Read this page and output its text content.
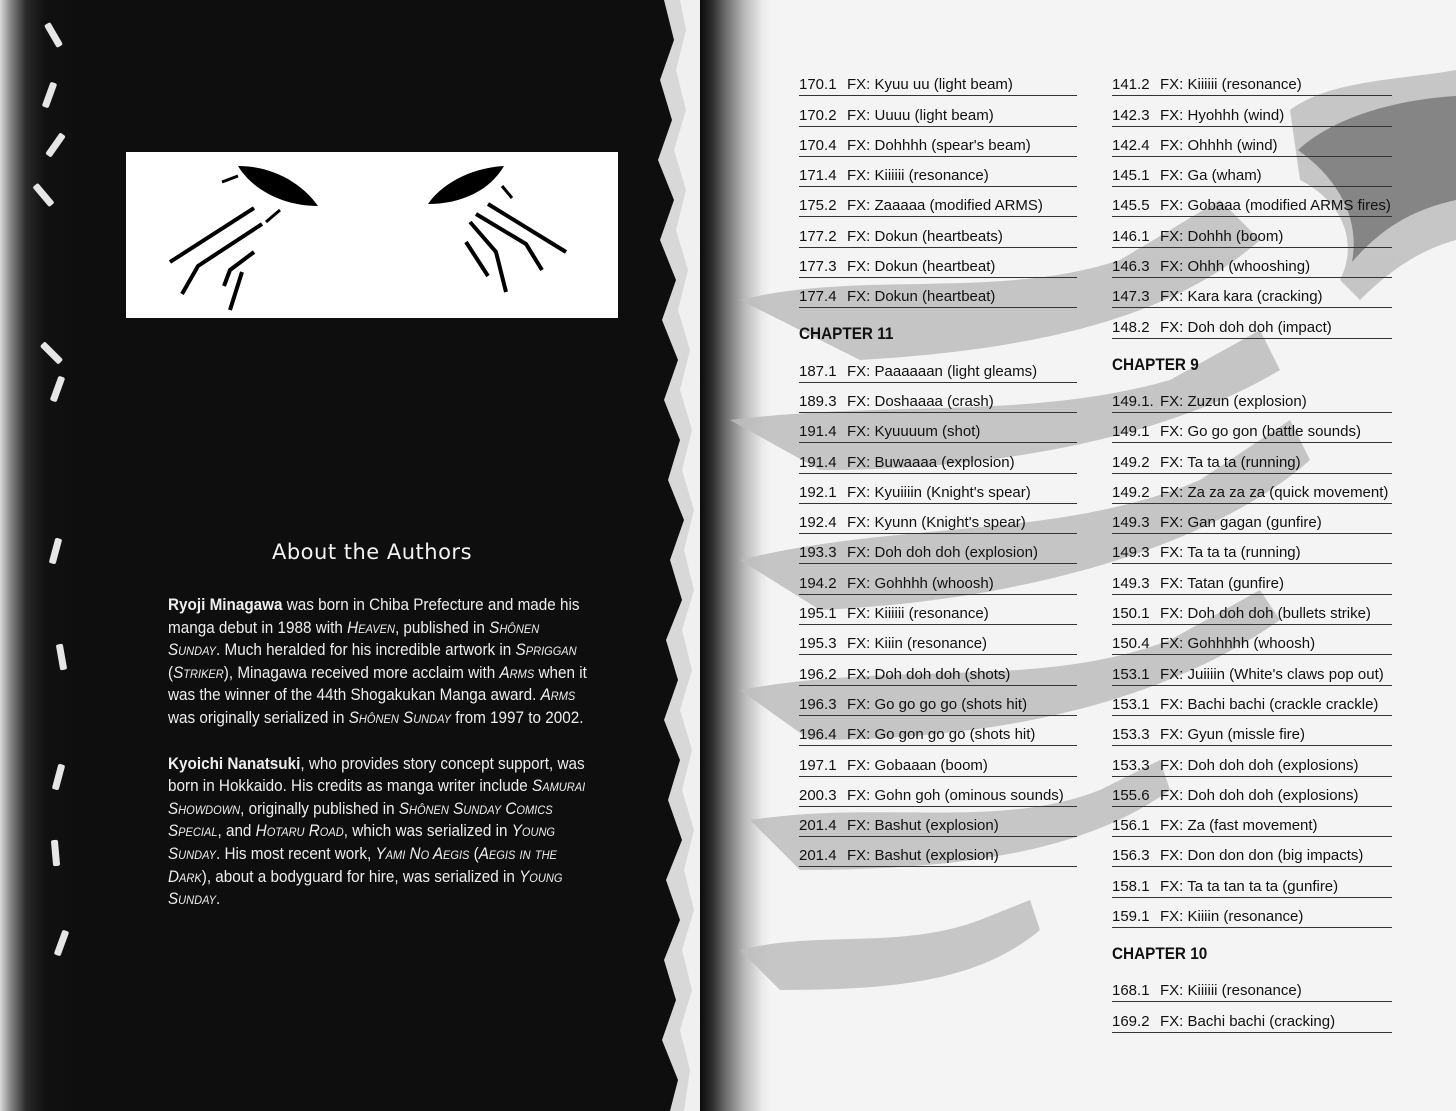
About the Authors

Ryoji Minagawa was born in Chiba Prefecture and made his manga debut in 1988 with Heaven, published in Shônen Sunday. Much heralded for his incredible artwork in Spriggan (Striker), Minagawa received more acclaim with Arms when it was the winner of the 44th Shogakukan Manga award. Arms was originally serialized in Shônen Sunday from 1997 to 2002.

Kyoichi Nanatsuki, who provides story concept support, was born in Hokkaido. His credits as manga writer include Samurai Showdown, originally published in Shônen Sunday Comics Special, and Hotaru Road, which was serialized in Young Sunday. His most recent work, Yami No Aegis (Aegis in the Dark), about a bodyguard for hire, was serialized in Young Sunday.

170.1 FX: Kyuu uu (light beam)
170.2 FX: Uuuu (light beam)
170.4 FX: Dohhhh (spear's beam)
171.4 FX: Kiiiiii (resonance)
175.2 FX: Zaaaaa (modified ARMS)
177.2 FX: Dokun (heartbeats)
177.3 FX: Dokun (heartbeat)
177.4 FX: Dokun (heartbeat)
CHAPTER 11
187.1 FX: Paaaaaan (light gleams)
189.3 FX: Doshaaaa (crash)
191.4 FX: Kyuuuum (shot)
191.4 FX: Buwaaaa (explosion)
192.1 FX: Kyuiiiin (Knight's spear)
192.4 FX: Kyunn (Knight's spear)
193.3 FX: Doh doh doh (explosion)
194.2 FX: Gohhhh (whoosh)
195.1 FX: Kiiiiii (resonance)
195.3 FX: Kiiin (resonance)
196.2 FX: Doh doh doh (shots)
196.3 FX: Go go go go (shots hit)
196.4 FX: Go gon go go (shots hit)
197.1 FX: Gobaaan (boom)
200.3 FX: Gohn goh (ominous sounds)
201.4 FX: Bashut (explosion)
201.4 FX: Bashut (explosion)
141.2 FX: Kiiiiii (resonance)
142.3 FX: Hyohhh (wind)
142.4 FX: Ohhhh (wind)
145.1 FX: Ga (wham)
145.5 FX: Gobaaa (modified ARMS fires)
146.1 FX: Dohhh (boom)
146.3 FX: Ohhh (whooshing)
147.3 FX: Kara kara (cracking)
148.2 FX: Doh doh doh (impact)
CHAPTER 9
149.1. FX: Zuzun (explosion)
149.1 FX: Go go gon (battle sounds)
149.2 FX: Ta ta ta (running)
149.2 FX: Za za za za (quick movement)
149.3 FX: Gan gagan (gunfire)
149.3 FX: Ta ta ta (running)
149.3 FX: Tatan (gunfire)
150.1 FX: Doh doh doh (bullets strike)
150.4 FX: Gohhhhh (whoosh)
153.1 FX: Juiiiin (White's claws pop out)
153.1 FX: Bachi bachi (crackle crackle)
153.3 FX: Gyun (missle fire)
153.3 FX: Doh doh doh (explosions)
155.6 FX: Doh doh doh (explosions)
156.1 FX: Za (fast movement)
156.3 FX: Don don don (big impacts)
158.1 FX: Ta ta tan ta ta (gunfire)
159.1 FX: Kiiiin (resonance)
CHAPTER 10
168.1 FX: Kiiiiii (resonance)
169.2 FX: Bachi bachi (cracking)
